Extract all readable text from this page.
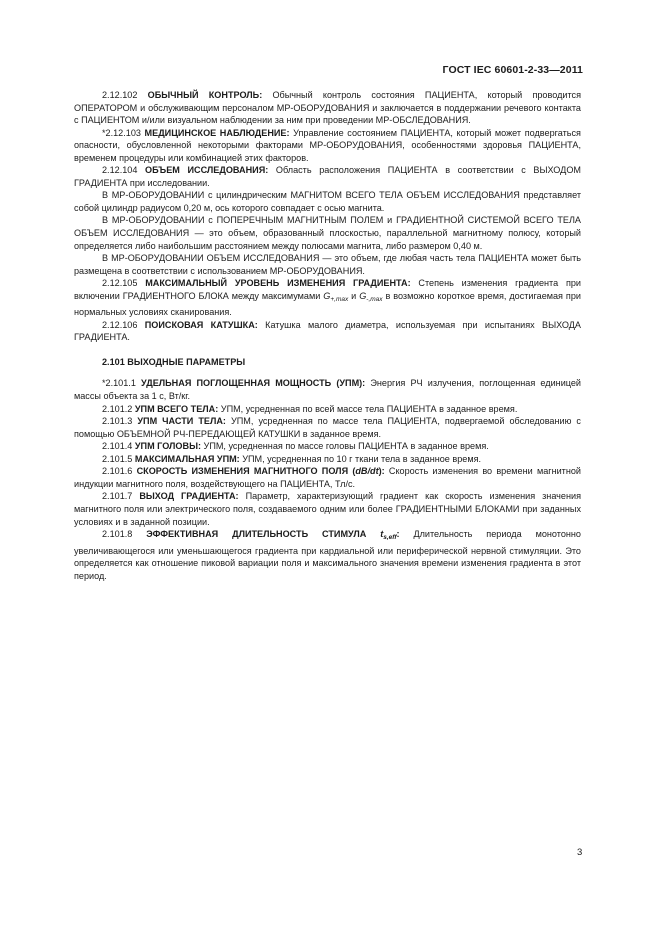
ГОСТ IEC 60601-2-33—2011

2.12.102 ОБЫЧНЫЙ КОНТРОЛЬ: Обычный контроль состояния ПАЦИЕНТА, который проводится ОПЕРАТОРОМ и обслуживающим персоналом МР-ОБОРУДОВАНИЯ и заключается в поддержании речевого контакта с ПАЦИЕНТОМ и/или визуальном наблюдении за ним при проведении МР-ОБСЛЕДОВАНИЯ.

*2.12.103 МЕДИЦИНСКОЕ НАБЛЮДЕНИЕ: Управление состоянием ПАЦИЕНТА, который может подвергаться опасности, обусловленной некоторыми факторами МР-ОБОРУДОВАНИЯ, особенностями здоровья ПАЦИЕНТА, временем процедуры или комбинацией этих факторов.

2.12.104 ОБЪЕМ ИССЛЕДОВАНИЯ: Область расположения ПАЦИЕНТА в соответствии с ВЫХОДОМ ГРАДИЕНТА при исследовании.

В МР-ОБОРУДОВАНИИ с цилиндрическим МАГНИТОМ ВСЕГО ТЕЛА ОБЪЕМ ИССЛЕДОВАНИЯ представляет собой цилиндр радиусом 0,20 м, ось которого совпадает с осью магнита.

В МР-ОБОРУДОВАНИИ с ПОПЕРЕЧНЫМ МАГНИТНЫМ ПОЛЕМ и ГРАДИЕНТНОЙ СИСТЕМОЙ ВСЕГО ТЕЛА ОБЪЕМ ИССЛЕДОВАНИЯ — это объем, образованный плоскостью, параллельной магнитному полюсу, который определяется либо наибольшим расстоянием между полюсами магнита, либо размером 0,40 м.

В МР-ОБОРУДОВАНИИ ОБЪЕМ ИССЛЕДОВАНИЯ — это объем, где любая часть тела ПАЦИЕНТА может быть размещена в соответствии с использованием МР-ОБОРУДОВАНИЯ.

2.12.105 МАКСИМАЛЬНЫЙ УРОВЕНЬ ИЗМЕНЕНИЯ ГРАДИЕНТА: Степень изменения градиента при включении ГРАДИЕНТНОГО БЛОКА между максимумами $G_{+,max}$ и $G_{-,max}$ в возможно короткое время, достигаемая при нормальных условиях сканирования.

2.12.106 ПОИСКОВАЯ КАТУШКА: Катушка малого диаметра, используемая при испытаниях ВЫХОДА ГРАДИЕНТА.

2.101 ВЫХОДНЫЕ ПАРАМЕТРЫ

*2.101.1 УДЕЛЬНАЯ ПОГЛОЩЕННАЯ МОЩНОСТЬ (УПМ): Энергия РЧ излучения, поглощенная единицей массы объекта за 1 с, Вт/кг.

2.101.2 УПМ ВСЕГО ТЕЛА: УПМ, усредненная по всей массе тела ПАЦИЕНТА в заданное время.

2.101.3 УПМ ЧАСТИ ТЕЛА: УПМ, усредненная по массе тела ПАЦИЕНТА, подвергаемой обследованию с помощью ОБЪЕМНОЙ РЧ-ПЕРЕДАЮЩЕЙ КАТУШКИ в заданное время.

2.101.4 УПМ ГОЛОВЫ: УПМ, усредненная по массе головы ПАЦИЕНТА в заданное время.

2.101.5 МАКСИМАЛЬНАЯ УПМ: УПМ, усредненная по 10 г ткани тела в заданное время.

2.101.6 СКОРОСТЬ ИЗМЕНЕНИЯ МАГНИТНОГО ПОЛЯ (dB/dt): Скорость изменения во времени магнитной индукции магнитного поля, воздействующего на ПАЦИЕНТА, Тл/с.

2.101.7 ВЫХОД ГРАДИЕНТА: Параметр, характеризующий градиент как скорость изменения значения магнитного поля или электрического поля, создаваемого одним или более ГРАДИЕНТНЫМИ БЛОКАМИ при заданных условиях и в заданной позиции.

2.101.8 ЭФФЕКТИВНАЯ ДЛИТЕЛЬНОСТЬ СТИМУЛА $t_{s,eff}$: Длительность периода монотонно увеличивающегося или уменьшающегося градиента при кардиальной или периферической нервной стимуляции. Это определяется как отношение пиковой вариации поля и максимального значения времени изменения градиента в этот период.

3
